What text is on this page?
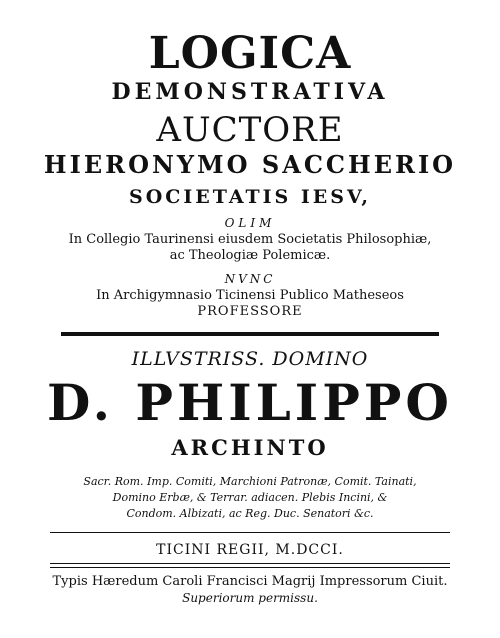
LOGICA
DEMONSTRATIVA
AUCTORE
HIERONYMO SACCHERIO
SOCIETATIS IESV,
OLIM
In Collegio Taurinensi eiusdem Societatis Philosophiæ,
ac Theologiæ Polemicæ.
NVNC
In Archigymnasio Ticinensi Publico Matheseos
PROFESSORE
ILLVSTRISS. DOMINO
D. PHILIPPO
ARCHINTO
Sacr. Rom. Imp. Comiti, Marchioni Patronæ, Comit. Tainati,
Domino Erbæ, & Terrar. adiacen. Plebis Incini, &
Condom. Albizati, ac Reg. Duc. Senatori &c.
TICINI REGII, M.DCCI.
Typis Hæredum Caroli Francisci Magrij Impressorum Ciuit.
Superiorum permissu.
